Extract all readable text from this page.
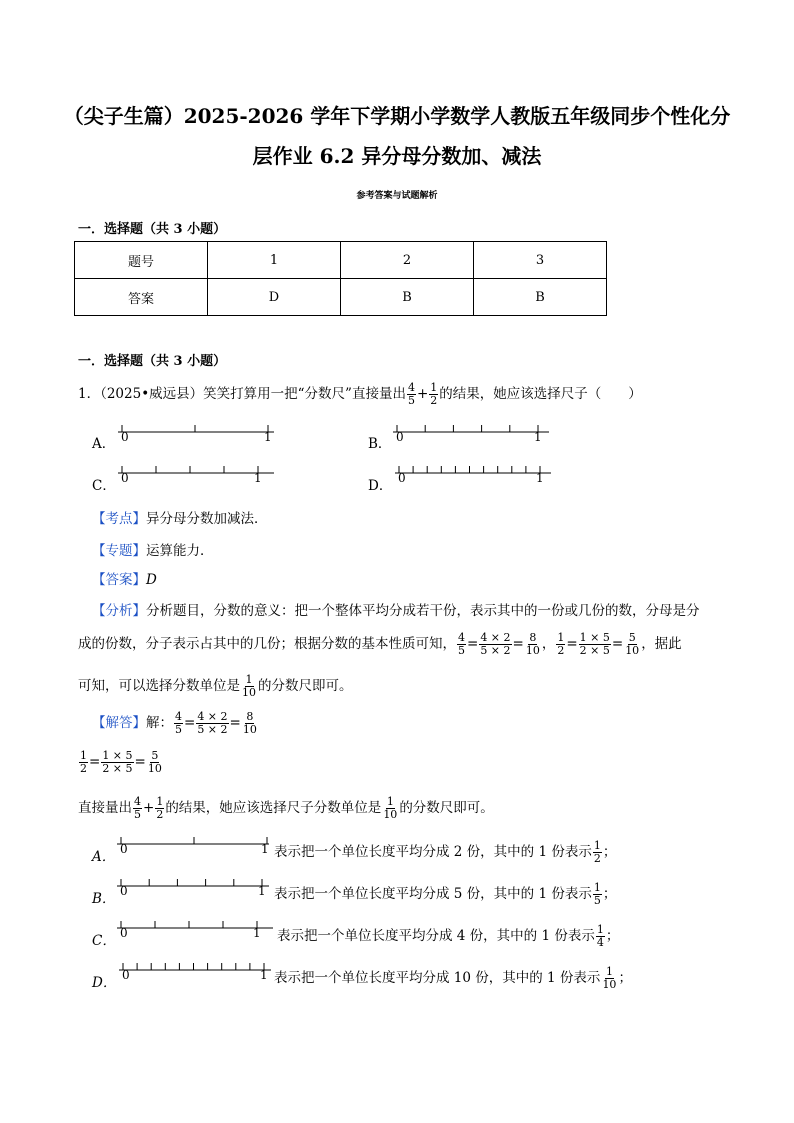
（尖子生篇）2025-2026 学年下学期小学数学人教版五年级同步个性化分
层作业 6.2 异分母分数加、减法
参考答案与试题解析
一．选择题（共 3 小题）
题号	1	2	3
答案	D	B	B
一．选择题（共 3 小题）
1．（2025•威远县）笑笑打算用一把“分数尺”直接量出 $\frac{4}{5} + \frac{1}{2}$ 的结果，她应该选择尺子（　　）
A．	B．
C．	D．
0	1	0	1
0	1	0	1
【考点】异分母分数加减法．
【专题】运算能力．
【答案】D
【分析】分析题目，分数的意义：把一个整体平均分成若干份，表示其中的一份或几份的数，分母是分
成的份数，分子表示占其中的几份；根据分数的基本性质可知， $\frac{4}{5} = \frac{4 \times 2}{5 \times 2} = \frac{8}{10}$ ， $\frac{1}{2} = \frac{1 \times 5}{2 \times 5} = \frac{5}{10}$ ，据此
可知，可以选择分数单位是 $\frac{1}{10}$ 的分数尺即可。
【解答】解： $\frac{4}{5} = \frac{4 \times 2}{5 \times 2} = \frac{8}{10}$
$\frac{1}{2} = \frac{1 \times 5}{2 \times 5} = \frac{5}{10}$
直接量出 $\frac{4}{5} + \frac{1}{2}$ 的结果，她应该选择尺子分数单位是 $\frac{1}{10}$ 的分数尺即可。
A． 0	1 表示把一个单位长度平均分成 2 份，其中的 1 份表示 $\frac{1}{2}$ ；
B． 0	1 表示把一个单位长度平均分成 5 份，其中的 1 份表示 $\frac{1}{5}$ ；
C． 0	1 表示把一个单位长度平均分成 4 份，其中的 1 份表示 $\frac{1}{4}$ ；
D． 0	1 表示把一个单位长度平均分成 10 份，其中的 1 份表示 $\frac{1}{10}$ ；
